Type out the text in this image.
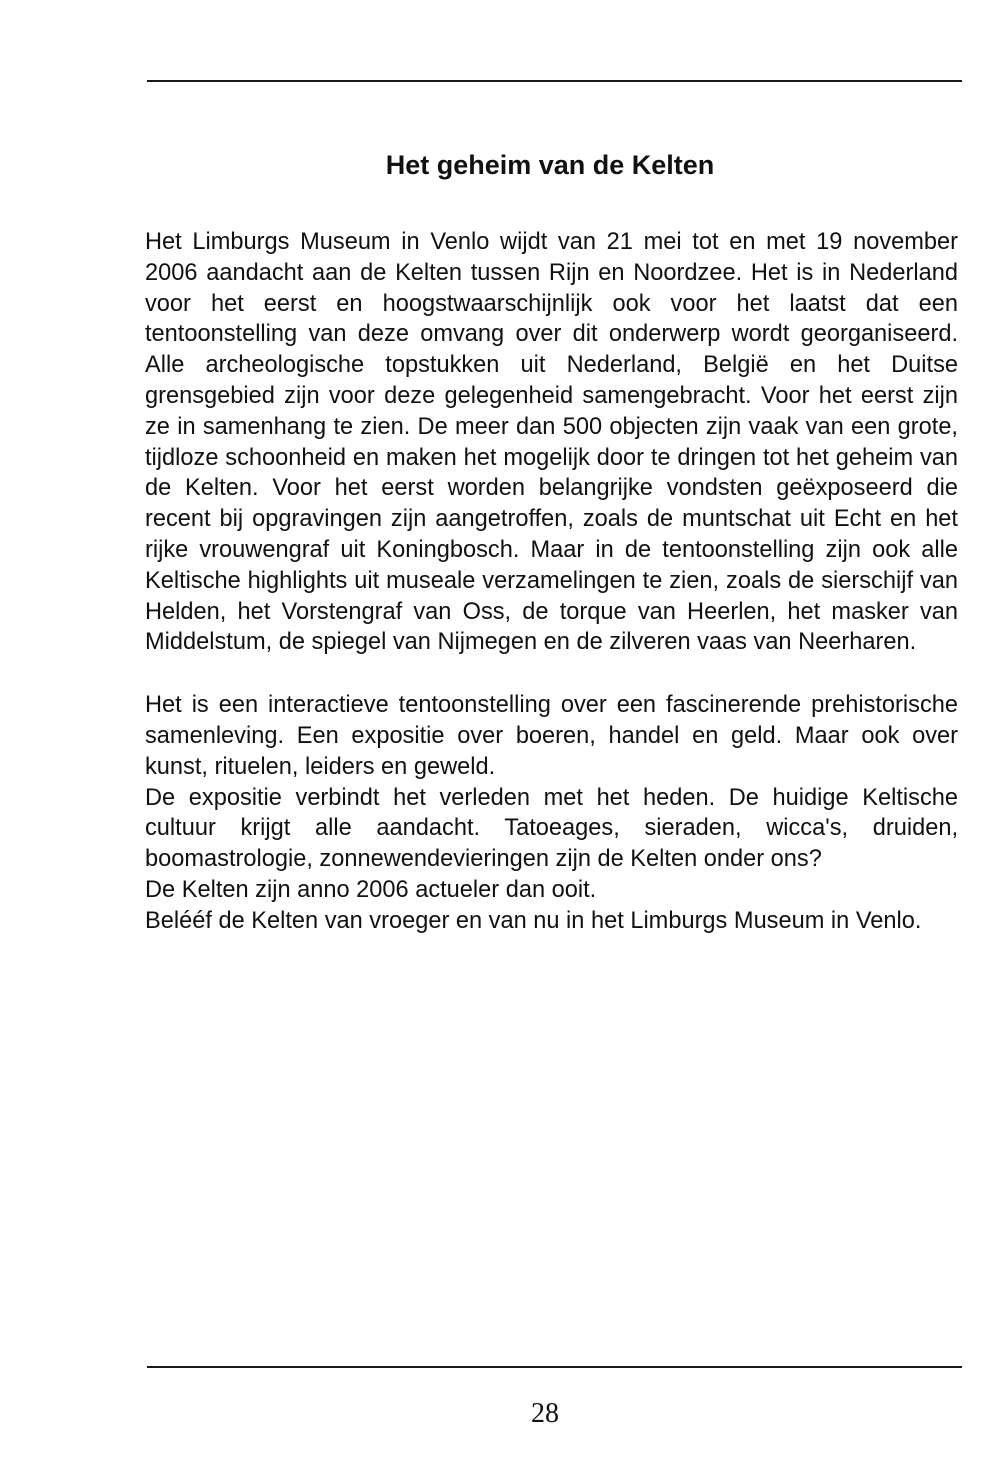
Het geheim van de Kelten

Het Limburgs Museum in Venlo wijdt van 21 mei tot en met 19 november 2006 aandacht aan de Kelten tussen Rijn en Noordzee. Het is in Nederland voor het eerst en hoogstwaarschijnlijk ook voor het laatst dat een tentoonstelling van deze omvang over dit onderwerp wordt georganiseerd. Alle archeologische topstukken uit Nederland, België en het Duitse grensgebied zijn voor deze gelegenheid samengebracht. Voor het eerst zijn ze in samenhang te zien. De meer dan 500 objecten zijn vaak van een grote, tijdloze schoonheid en maken het mogelijk door te dringen tot het geheim van de Kelten. Voor het eerst worden belangrijke vondsten geëxposeerd die recent bij opgravingen zijn aangetroffen, zoals de muntschat uit Echt en het rijke vrouwengraf uit Koningbosch. Maar in de tentoonstelling zijn ook alle Keltische highlights uit museale verzamelingen te zien, zoals de sierschijf van Helden, het Vorstengraf van Oss, de torque van Heerlen, het masker van Middelstum, de spiegel van Nijmegen en de zilveren vaas van Neerharen.

Het is een interactieve tentoonstelling over een fascinerende prehistorische samenleving. Een expositie over boeren, handel en geld. Maar ook over kunst, rituelen, leiders en geweld.

De expositie verbindt het verleden met het heden. De huidige Keltische cultuur krijgt alle aandacht. Tatoeages, sieraden, wicca's, druiden, boomastrologie, zonnewendevieringen zijn de Kelten onder ons?

De Kelten zijn anno 2006 actueler dan ooit.

Belééf de Kelten van vroeger en van nu in het Limburgs Museum in Venlo.

28
